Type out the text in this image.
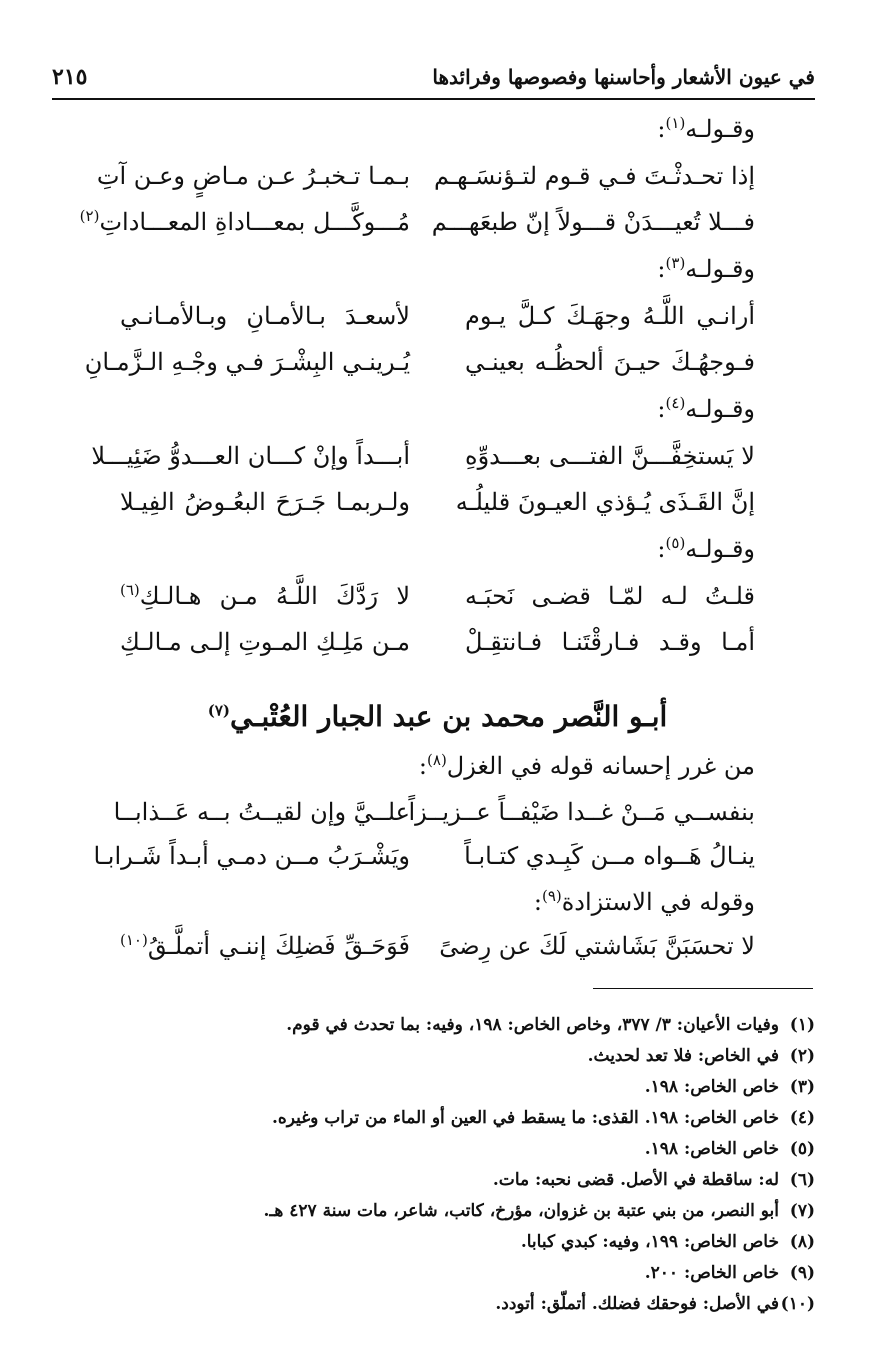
في عيون الأشعار وأحاسنها وفصوصها وفرائدها
٢١٥
وقـولـه$^{(١)}$:
إذا تحـدثْـتَ فـي قـوم لتـؤنسَـهـم
بـمـا تـخبـرُ عـن مـاضٍ وعـن آتِ
فـــلا تُعيـــدَنْ قـــولاً إنّ طبعَهـــم
مُـــوكَّـــل بمعـــاداةِ المعـــاداتِ$^{(٢)}$
وقـولـه$^{(٣)}$:
أرانـي اللَّـهُ وجهَـكَ كـلَّ يـوم
لأسعـدَ بـالأمـانِ وبـالأمـانـي
فـوجهُـكَ حيـنَ ألحظُـه بعينـي
يُـرينـي البِشْـرَ فـي وجْـهِ الـزَّمـانِ
وقـولـه$^{(٤)}$:
لا يَستخِفَّـــنَّ الفتـــى بعـــدوِّهِ
أبـــداً وإنْ كـــان العـــدوُّ ضَئِيـــلا
إنَّ القَـذَى يُـؤذي العيـونَ قليلُـه
ولـربمـا جَـرَحَ البعُـوضُ الفِيـلا
وقـولـه$^{(٥)}$:
قلـتُ لـه لمّـا قضـى نَحبَـه
لا رَدَّكَ اللَّـهُ مـن هـالـكِ$^{(٦)}$
أمـا وقـد فـارقْتَنـا فـانتقِـلْ
مـن مَلِـكِ المـوتِ إلـى مـالـكِ
أبـو النَّصر محمد بن عبد الجبار العُتْبـي$^{(٧)}$
من غرر إحسانه قوله في الغزل$^{(٨)}$:
بنفســي مَــنْ غــدا ضَيْفــاً عــزيــزاً
علــيَّ وإن لقيــتُ بــه عَــذابــا
ينـالُ هَــواه مــن كَبِـدي كتـابـاً
ويَشْـرَبُ مــن دمـي أبـداً شَـرابـا
وقوله في الاستزادة$^{(٩)}$:
لا تحسَبَنَّ بَشَاشتي لَكَ عن رِضىً
فَوَحَـقِّ فَضلِكَ إننـي أتملَّـقُ$^{(١٠)}$
(١)وفيات الأعيان: ٣/ ٣٧٧، وخاص الخاص: ١٩٨، وفيه: بما تحدث في قوم.
(٢)في الخاص: فلا تعد لحديث.
(٣)خاص الخاص: ١٩٨.
(٤)خاص الخاص: ١٩٨. القذى: ما يسقط في العين أو الماء من تراب وغيره.
(٥)خاص الخاص: ١٩٨.
(٦)له: ساقطة في الأصل. قضى نحبه: مات.
(٧)أبو النصر، من بني عتبة بن غزوان، مؤرخ، كاتب، شاعر، مات سنة ٤٢٧ هـ.
(٨)خاص الخاص: ١٩٩، وفيه: كبدي كبابا.
(٩)خاص الخاص: ٢٠٠.
(١٠)في الأصل: فوحقك فضلك. أتملّق: أتودد.
